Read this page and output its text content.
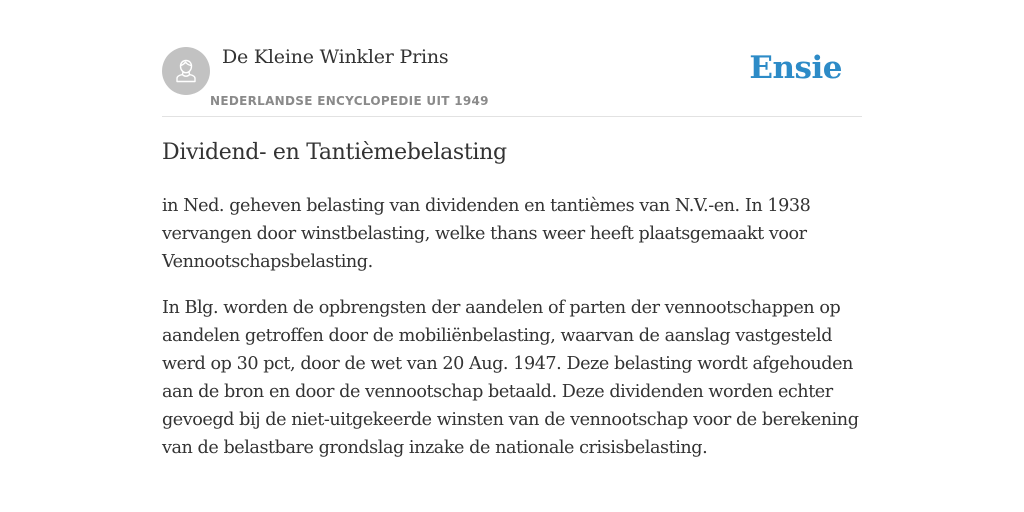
De Kleine Winkler Prins
NEDERLANDSE ENCYCLOPEDIE UIT 1949
Ensie
Dividend- en Tantièmebelasting

in Ned. geheven belasting van dividenden en tantièmes van N.V.-en. In 1938 vervangen door winstbelasting, welke thans weer heeft plaatsgemaakt voor Vennootschapsbelasting.

In Blg. worden de opbrengsten der aandelen of parten der vennootschappen op aandelen getroffen door de mobiliënbelasting, waarvan de aanslag vastgesteld werd op 30 pct, door de wet van 20 Aug. 1947. Deze belasting wordt afgehouden aan de bron en door de vennootschap betaald. Deze dividenden worden echter gevoegd bij de niet-uitgekeerde winsten van de vennootschap voor de berekening van de belastbare grondslag inzake de nationale crisisbelasting.
